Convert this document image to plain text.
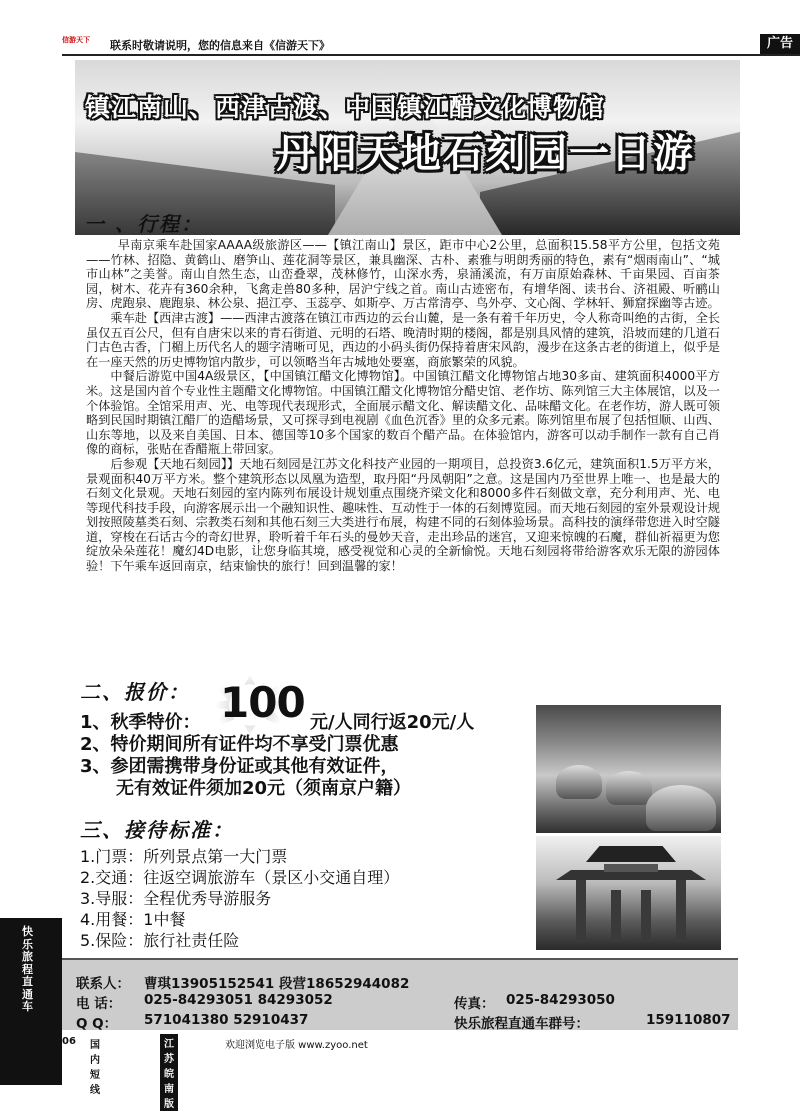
信游天下	联系时敬请说明，您的信息来自《信游天下》	广告
镇江南山、西津古渡、中国镇江醋文化博物馆
丹阳天地石刻园一日游
一 、行程：

早南京乘车赴国家AAAA级旅游区——【镇江南山】景区，距市中心2公里，总面积15.58平方公里，包括文苑——竹林、招隐、黄鹤山、磨笋山、莲花洞等景区，兼具幽深、古朴、素雅与明朗秀丽的特色，素有“烟雨南山”、“城市山林”之美誉。南山自然生态，山峦叠翠，茂林修竹，山深水秀，泉涌溪流，有万亩原始森林、千亩果园、百亩茶园，树木、花卉有360余种，飞禽走兽80多种，居沪宁线之首。南山古迹密布，有增华阁、读书台、济祖殿、听鹂山房、虎跑泉、鹿跑泉、林公泉、挹江亭、玉蕊亭、如斯亭、万古常清亭、鸟外亭、文心阁、学林轩、狮窟探幽等古迹。

乘车赴【西津古渡】——西津古渡落在镇江市西边的云台山麓，是一条有着千年历史，令人称奇叫绝的古街，全长虽仅五百公尺，但有自唐宋以来的青石街道、元明的石塔、晚清时期的楼阁，都是别具风情的建筑，沿坡而建的几道石门古色古香，门楣上历代名人的题字清晰可见，西边的小码头街仍保持着唐宋风韵，漫步在这条古老的街道上，似乎是在一座天然的历史博物馆内散步，可以领略当年古城地处要塞，商旅繁荣的风貌。

中餐后游览中国4A级景区，【中国镇江醋文化博物馆】。中国镇江醋文化博物馆占地30多亩、建筑面积4000平方米。这是国内首个专业性主题醋文化博物馆。中国镇江醋文化博物馆分醋史馆、老作坊、陈列馆三大主体展馆，以及一个体验馆。全馆采用声、光、电等现代表现形式，全面展示醋文化、解读醋文化、品味醋文化。在老作坊，游人既可领略到民国时期镇江醋厂的造醋场景，又可探寻到电视剧《血色沉香》里的众多元素。陈列馆里布展了包括恒顺、山西、山东等地，以及来自美国、日本、德国等10多个国家的数百个醋产品。在体验馆内，游客可以动手制作一款有自己肖像的商标，张贴在香醋瓶上带回家。

后参观【天地石刻园】】天地石刻园是江苏文化科技产业园的一期项目，总投资3.6亿元，建筑面积1.5万平方米，景观面积40万平方米。整个建筑形态以凤凰为造型，取丹阳“丹凤朝阳”之意。这是国内乃至世界上唯一、也是最大的石刻文化景观。天地石刻园的室内陈列布展设计规划重点围绕齐梁文化和8000多件石刻做文章，充分利用声、光、电等现代科技手段，向游客展示出一个融知识性、趣味性、互动性于一体的石刻博览园。而天地石刻园的室外景观设计规划按照陵墓类石刻、宗教类石刻和其他石刻三大类进行布展，构建不同的石刻体验场景。高科技的演绎带您进入时空隧道，穿梭在石话古今的奇幻世界，聆听着千年石头的曼妙天音，走出珍品的迷宫，又迎来惊魄的石魔，群仙祈福更为您绽放朵朵莲花！魔幻4D电影，让您身临其境，感受视觉和心灵的全新愉悦。天地石刻园将带给游客欢乐无限的游园体验！下午乘车返回南京，结束愉快的旅行！回到温馨的家！

二、报价：
1、秋季特价： 100 元/人同行返20元/人
2、特价期间所有证件均不享受门票优惠
3、参团需携带身份证或其他有效证件，
无有效证件须加20元（须南京户籍）
三、接待标准：
1.门票：所列景点第一大门票
2.交通：往返空调旅游车（景区小交通自理）
3.导服：全程优秀导游服务
4.用餐：1中餐
5.保险：旅行社责任险
快乐旅程直通车
联系人： 曹琪13905152541 段营18652944082
电 话： 025-84293051 84293052	传真： 025-84293050
Q Q： 571041380 52910437	快乐旅程直通车群号：	159110807
06 国内短线
江苏皖南版
欢迎浏览电子版 www.zyoo.net
